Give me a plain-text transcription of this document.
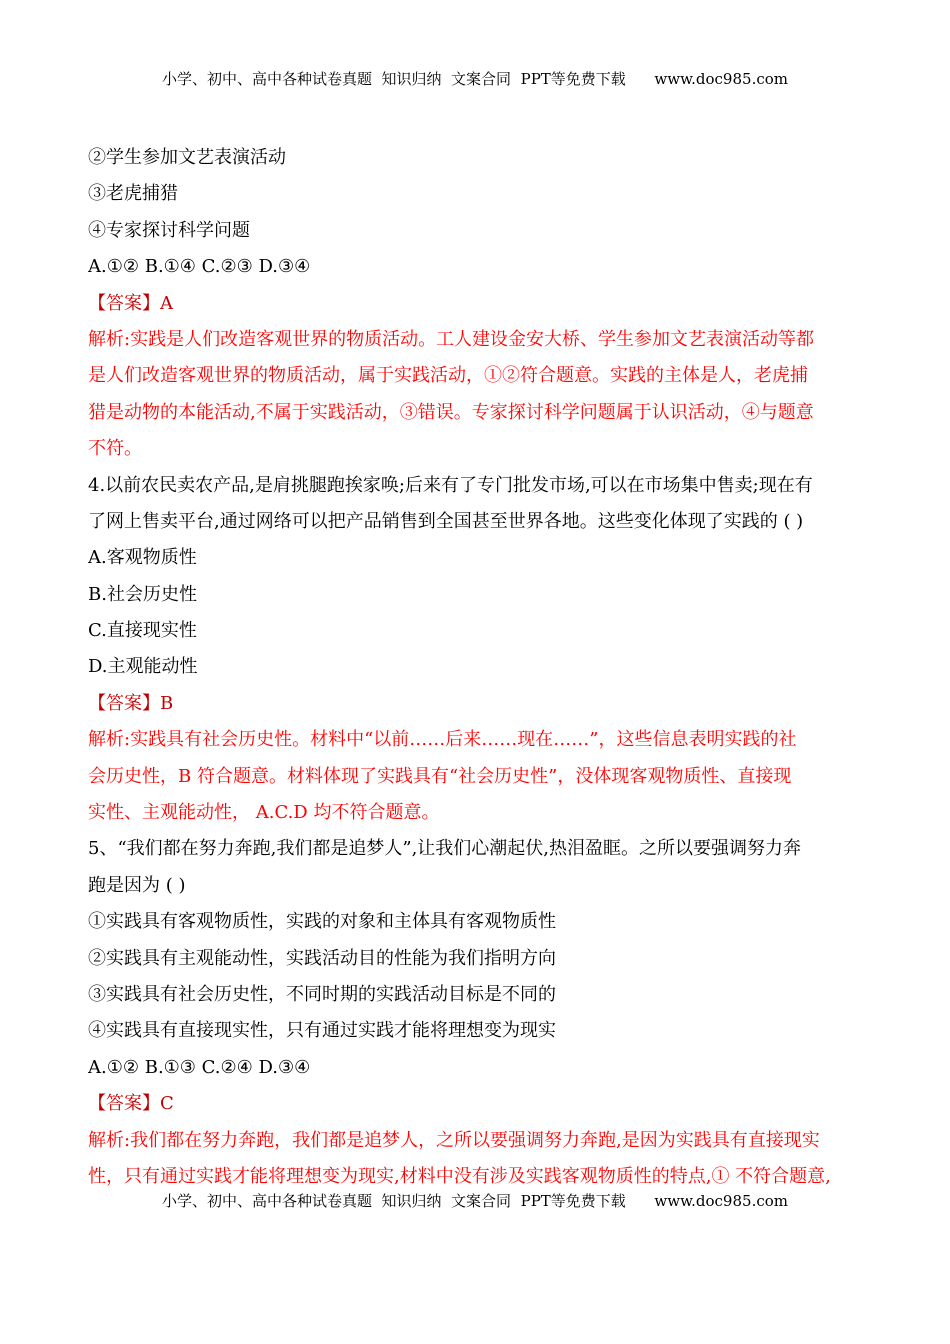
小学、初中、高中各种试卷真题  知识归纳  文案合同  PPT等免费下载      www.doc985.com
②学生参加文艺表演活动
③老虎捕猎
④专家探讨科学问题
A.①② B.①④ C.②③ D.③④
【答案】A
解析:实践是人们改造客观世界的物质活动。工人建设金安大桥、学生参加文艺表演活动等都
是人们改造客观世界的物质活动，属于实践活动，①②符合题意。实践的主体是人，老虎捕
猎是动物的本能活动,不属于实践活动，③错误。专家探讨科学问题属于认识活动，④与题意
不符。
4.以前农民卖农产品,是肩挑腿跑挨家唤;后来有了专门批发市场,可以在市场集中售卖;现在有
了网上售卖平台,通过网络可以把产品销售到全国甚至世界各地。这些变化体现了实践的 ( )
A.客观物质性
B.社会历史性
C.直接现实性
D.主观能动性
【答案】B
解析:实践具有社会历史性。材料中“以前……后来……现在……”，这些信息表明实践的社
会历史性，B 符合题意。材料体现了实践具有“社会历史性”，没体现客观物质性、直接现
实性、主观能动性， A.C.D 均不符合题意。
5、“我们都在努力奔跑,我们都是追梦人”,让我们心潮起伏,热泪盈眶。之所以要强调努力奔
跑是因为 ( )
①实践具有客观物质性，实践的对象和主体具有客观物质性
②实践具有主观能动性，实践活动目的性能为我们指明方向
③实践具有社会历史性，不同时期的实践活动目标是不同的
④实践具有直接现实性，只有通过实践才能将理想变为现实
A.①② B.①③ C.②④ D.③④
【答案】C
解析:我们都在努力奔跑，我们都是追梦人，之所以要强调努力奔跑,是因为实践具有直接现实
性，只有通过实践才能将理想变为现实,材料中没有涉及实践客观物质性的特点,① 不符合题意,
小学、初中、高中各种试卷真题  知识归纳  文案合同  PPT等免费下载      www.doc985.com
